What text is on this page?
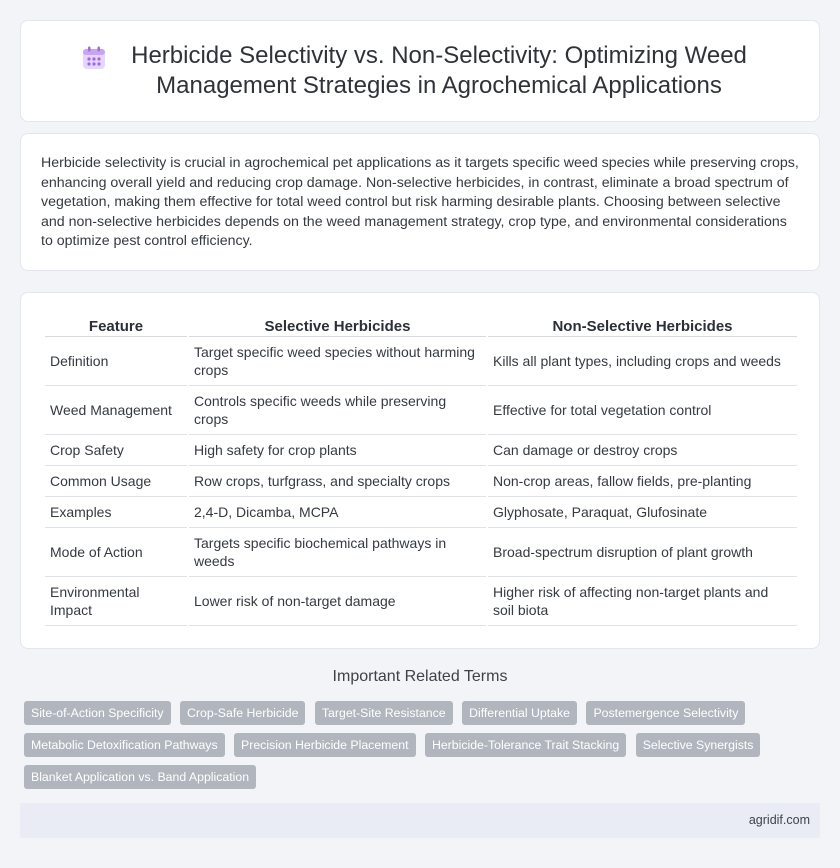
Herbicide Selectivity vs. Non-Selectivity: Optimizing Weed Management Strategies in Agrochemical Applications

Herbicide selectivity is crucial in agrochemical pet applications as it targets specific weed species while preserving crops, enhancing overall yield and reducing crop damage. Non-selective herbicides, in contrast, eliminate a broad spectrum of vegetation, making them effective for total weed control but risk harming desirable plants. Choosing between selective and non-selective herbicides depends on the weed management strategy, crop type, and environmental considerations to optimize pest control efficiency.

Feature	Selective Herbicides	Non-Selective Herbicides
Definition	Target specific weed species without harming crops	Kills all plant types, including crops and weeds
Weed Management	Controls specific weeds while preserving crops	Effective for total vegetation control
Crop Safety	High safety for crop plants	Can damage or destroy crops
Common Usage	Row crops, turfgrass, and specialty crops	Non-crop areas, fallow fields, pre-planting
Examples	2,4-D, Dicamba, MCPA	Glyphosate, Paraquat, Glufosinate
Mode of Action	Targets specific biochemical pathways in weeds	Broad-spectrum disruption of plant growth
Environmental Impact	Lower risk of non-target damage	Higher risk of affecting non-target plants and soil biota
Important Related Terms
Site-of-Action Specificity Crop-Safe Herbicide Target-Site Resistance Differential Uptake Postemergence Selectivity Metabolic Detoxification Pathways Precision Herbicide Placement Herbicide-Tolerance Trait Stacking Selective Synergists Blanket Application vs. Band Application
agridif.com
